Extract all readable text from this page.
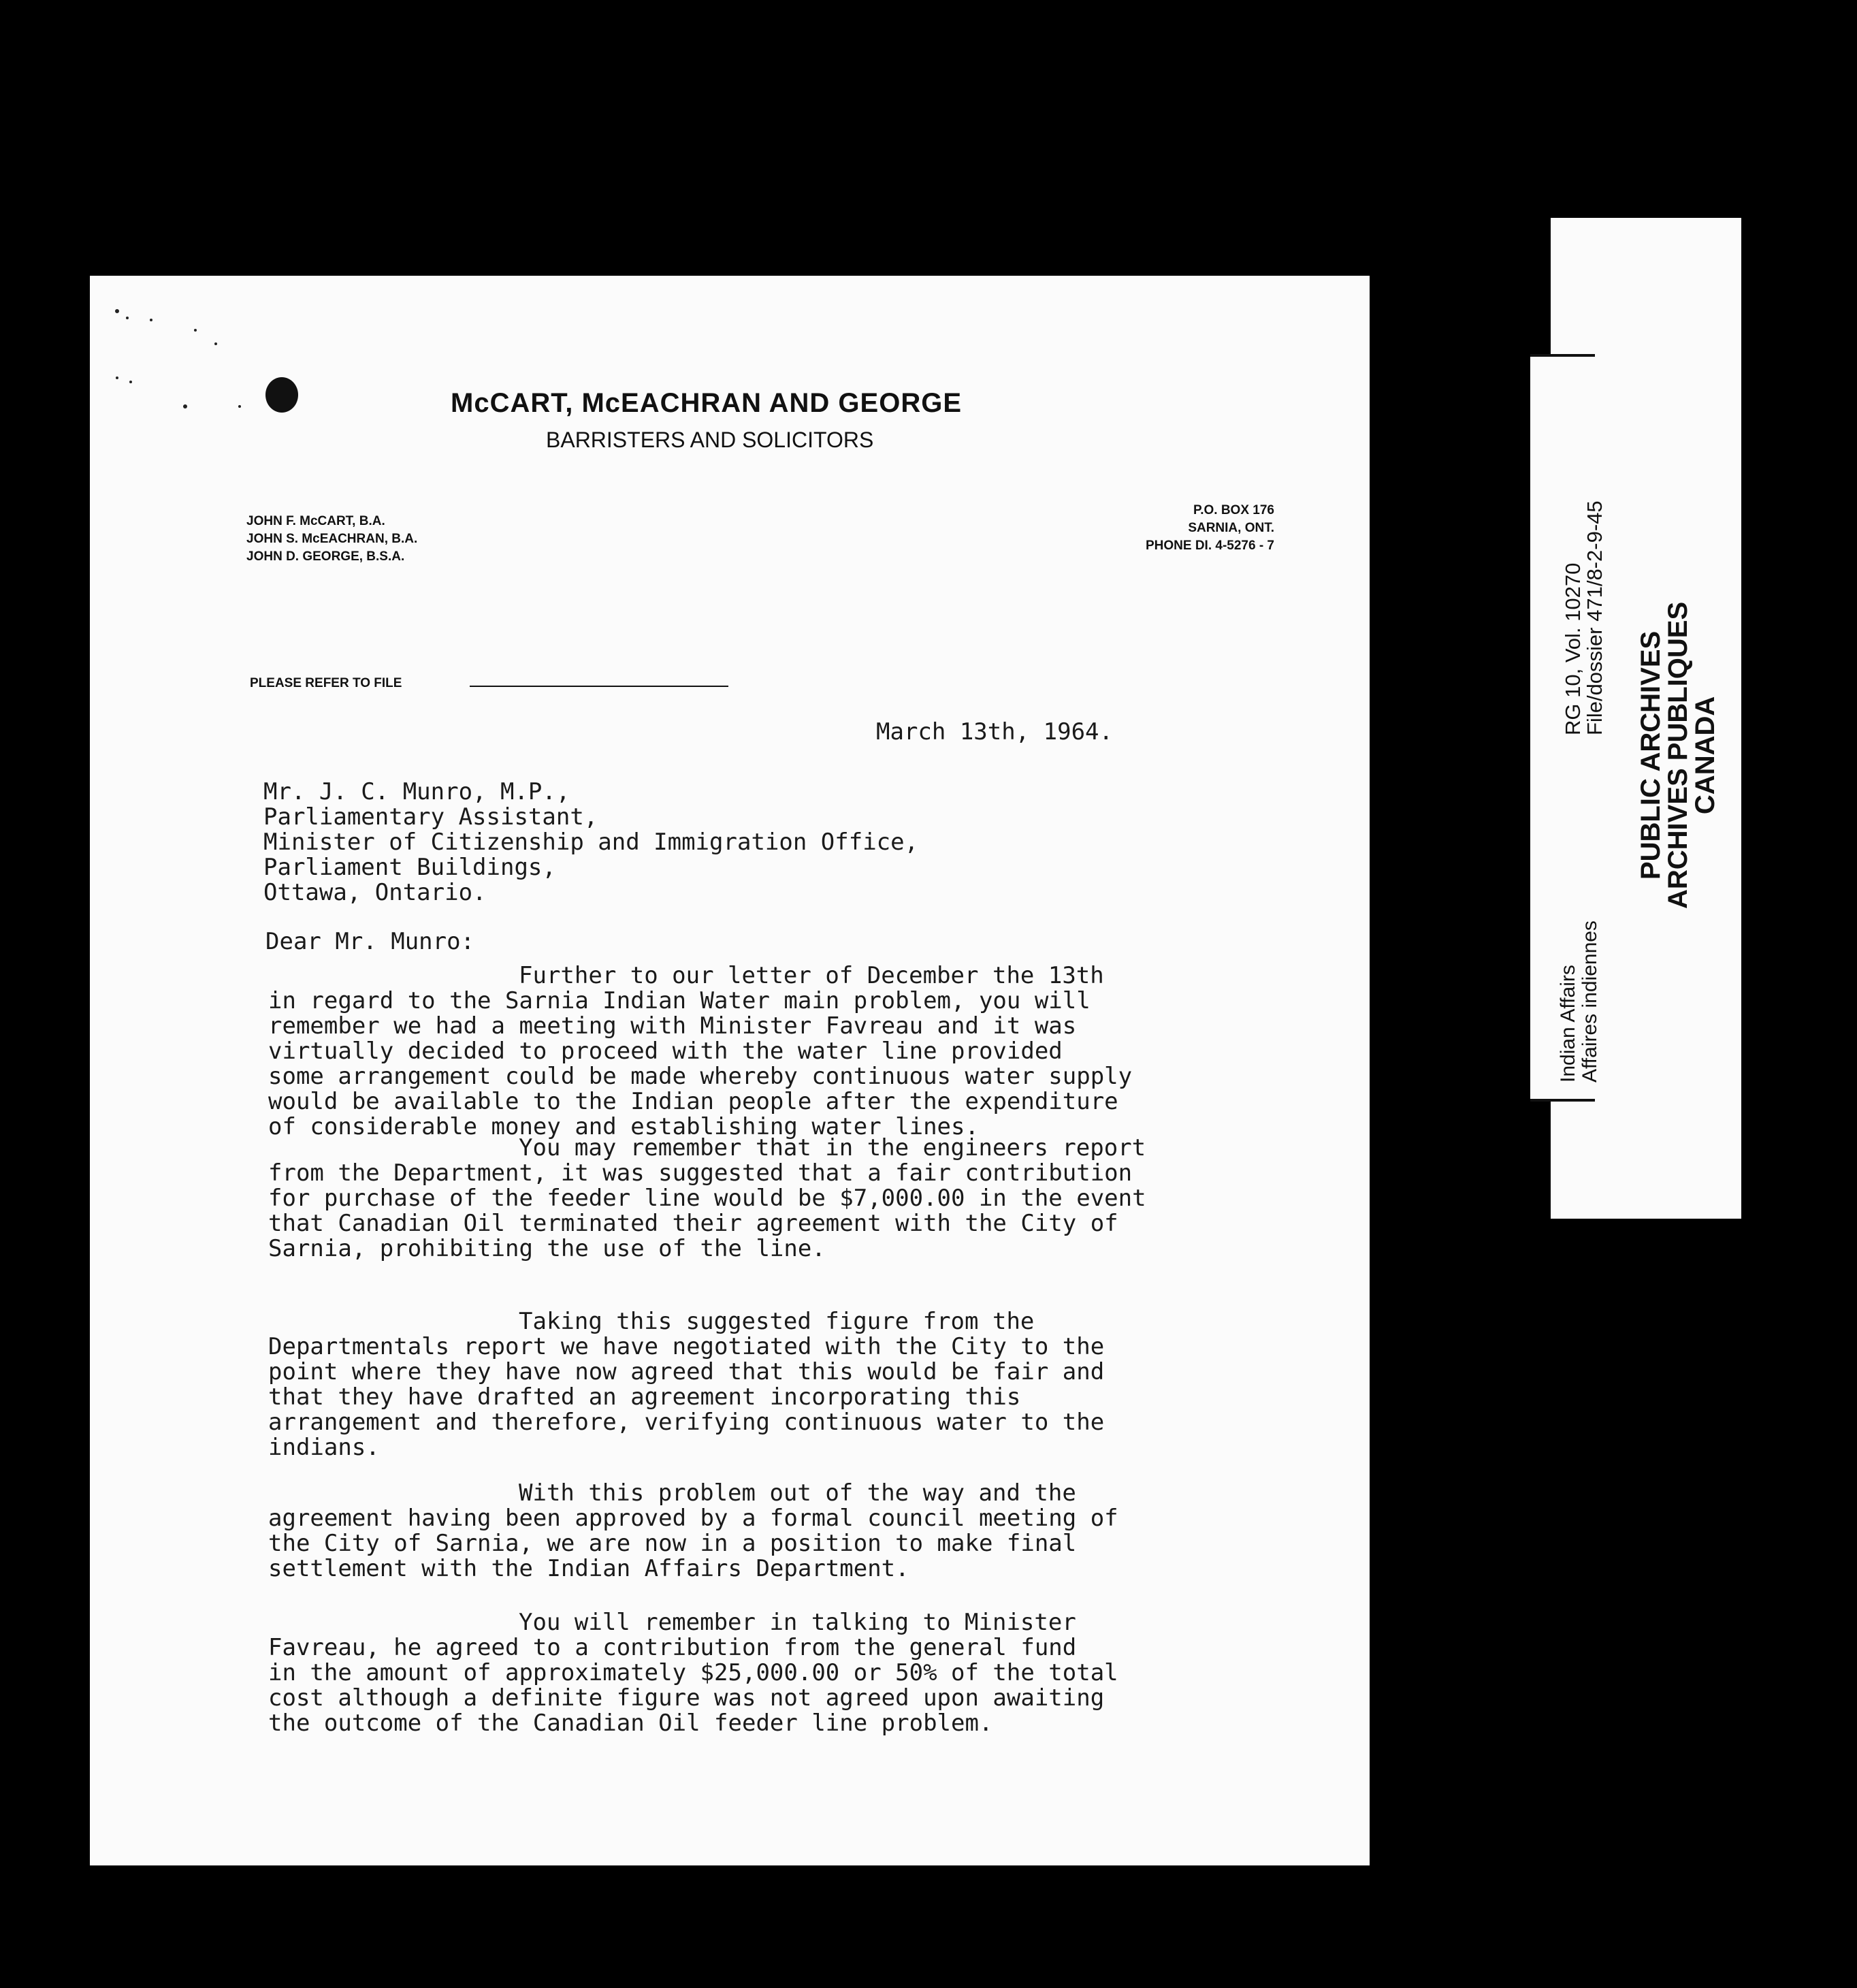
McCART, McEACHRAN AND GEORGE
BARRISTERS AND SOLICITORS
JOHN F. McCART, B.A.
JOHN S. McEACHRAN, B.A.
JOHN D. GEORGE, B.S.A.
P.O. BOX 176
SARNIA, ONT.
PHONE DI. 4-5276 - 7
PLEASE REFER TO FILE
March 13th, 1964.
Mr. J. C. Munro, M.P.,
Parliamentary Assistant,
Minister of Citizenship and Immigration Office,
Parliament Buildings,
Ottawa, Ontario.
Dear Mr. Munro:
Further to our letter of December the 13th
in regard to the Sarnia Indian Water main problem, you will
remember we had a meeting with Minister Favreau and it was
virtually decided to proceed with the water line provided
some arrangement could be made whereby continuous water supply
would be available to the Indian people after the expenditure
of considerable money and establishing water lines.
You may remember that in the engineers report
from the Department, it was suggested that a fair contribution
for purchase of the feeder line would be $7,000.00 in the event
that Canadian Oil terminated their agreement with the City of
Sarnia, prohibiting the use of the line.
Taking this suggested figure from the
Departmentals report we have negotiated with the City to the
point where they have now agreed that this would be fair and
that they have drafted an agreement incorporating this
arrangement and therefore, verifying continuous water to the
indians.
With this problem out of the way and the
agreement having been approved by a formal council meeting of
the City of Sarnia, we are now in a position to make final
settlement with the Indian Affairs Department.
You will remember in talking to Minister
Favreau, he agreed to a contribution from the general fund
in the amount of approximately $25,000.00 or 50% of the total
cost although a definite figure was not agreed upon awaiting
the outcome of the Canadian Oil feeder line problem.
PUBLIC ARCHIVES
ARCHIVES PUBLIQUES
CANADA
RG 10, Vol. 10270
File/dossier 471/8-2-9-45
Indian Affairs Affaires indiennes
